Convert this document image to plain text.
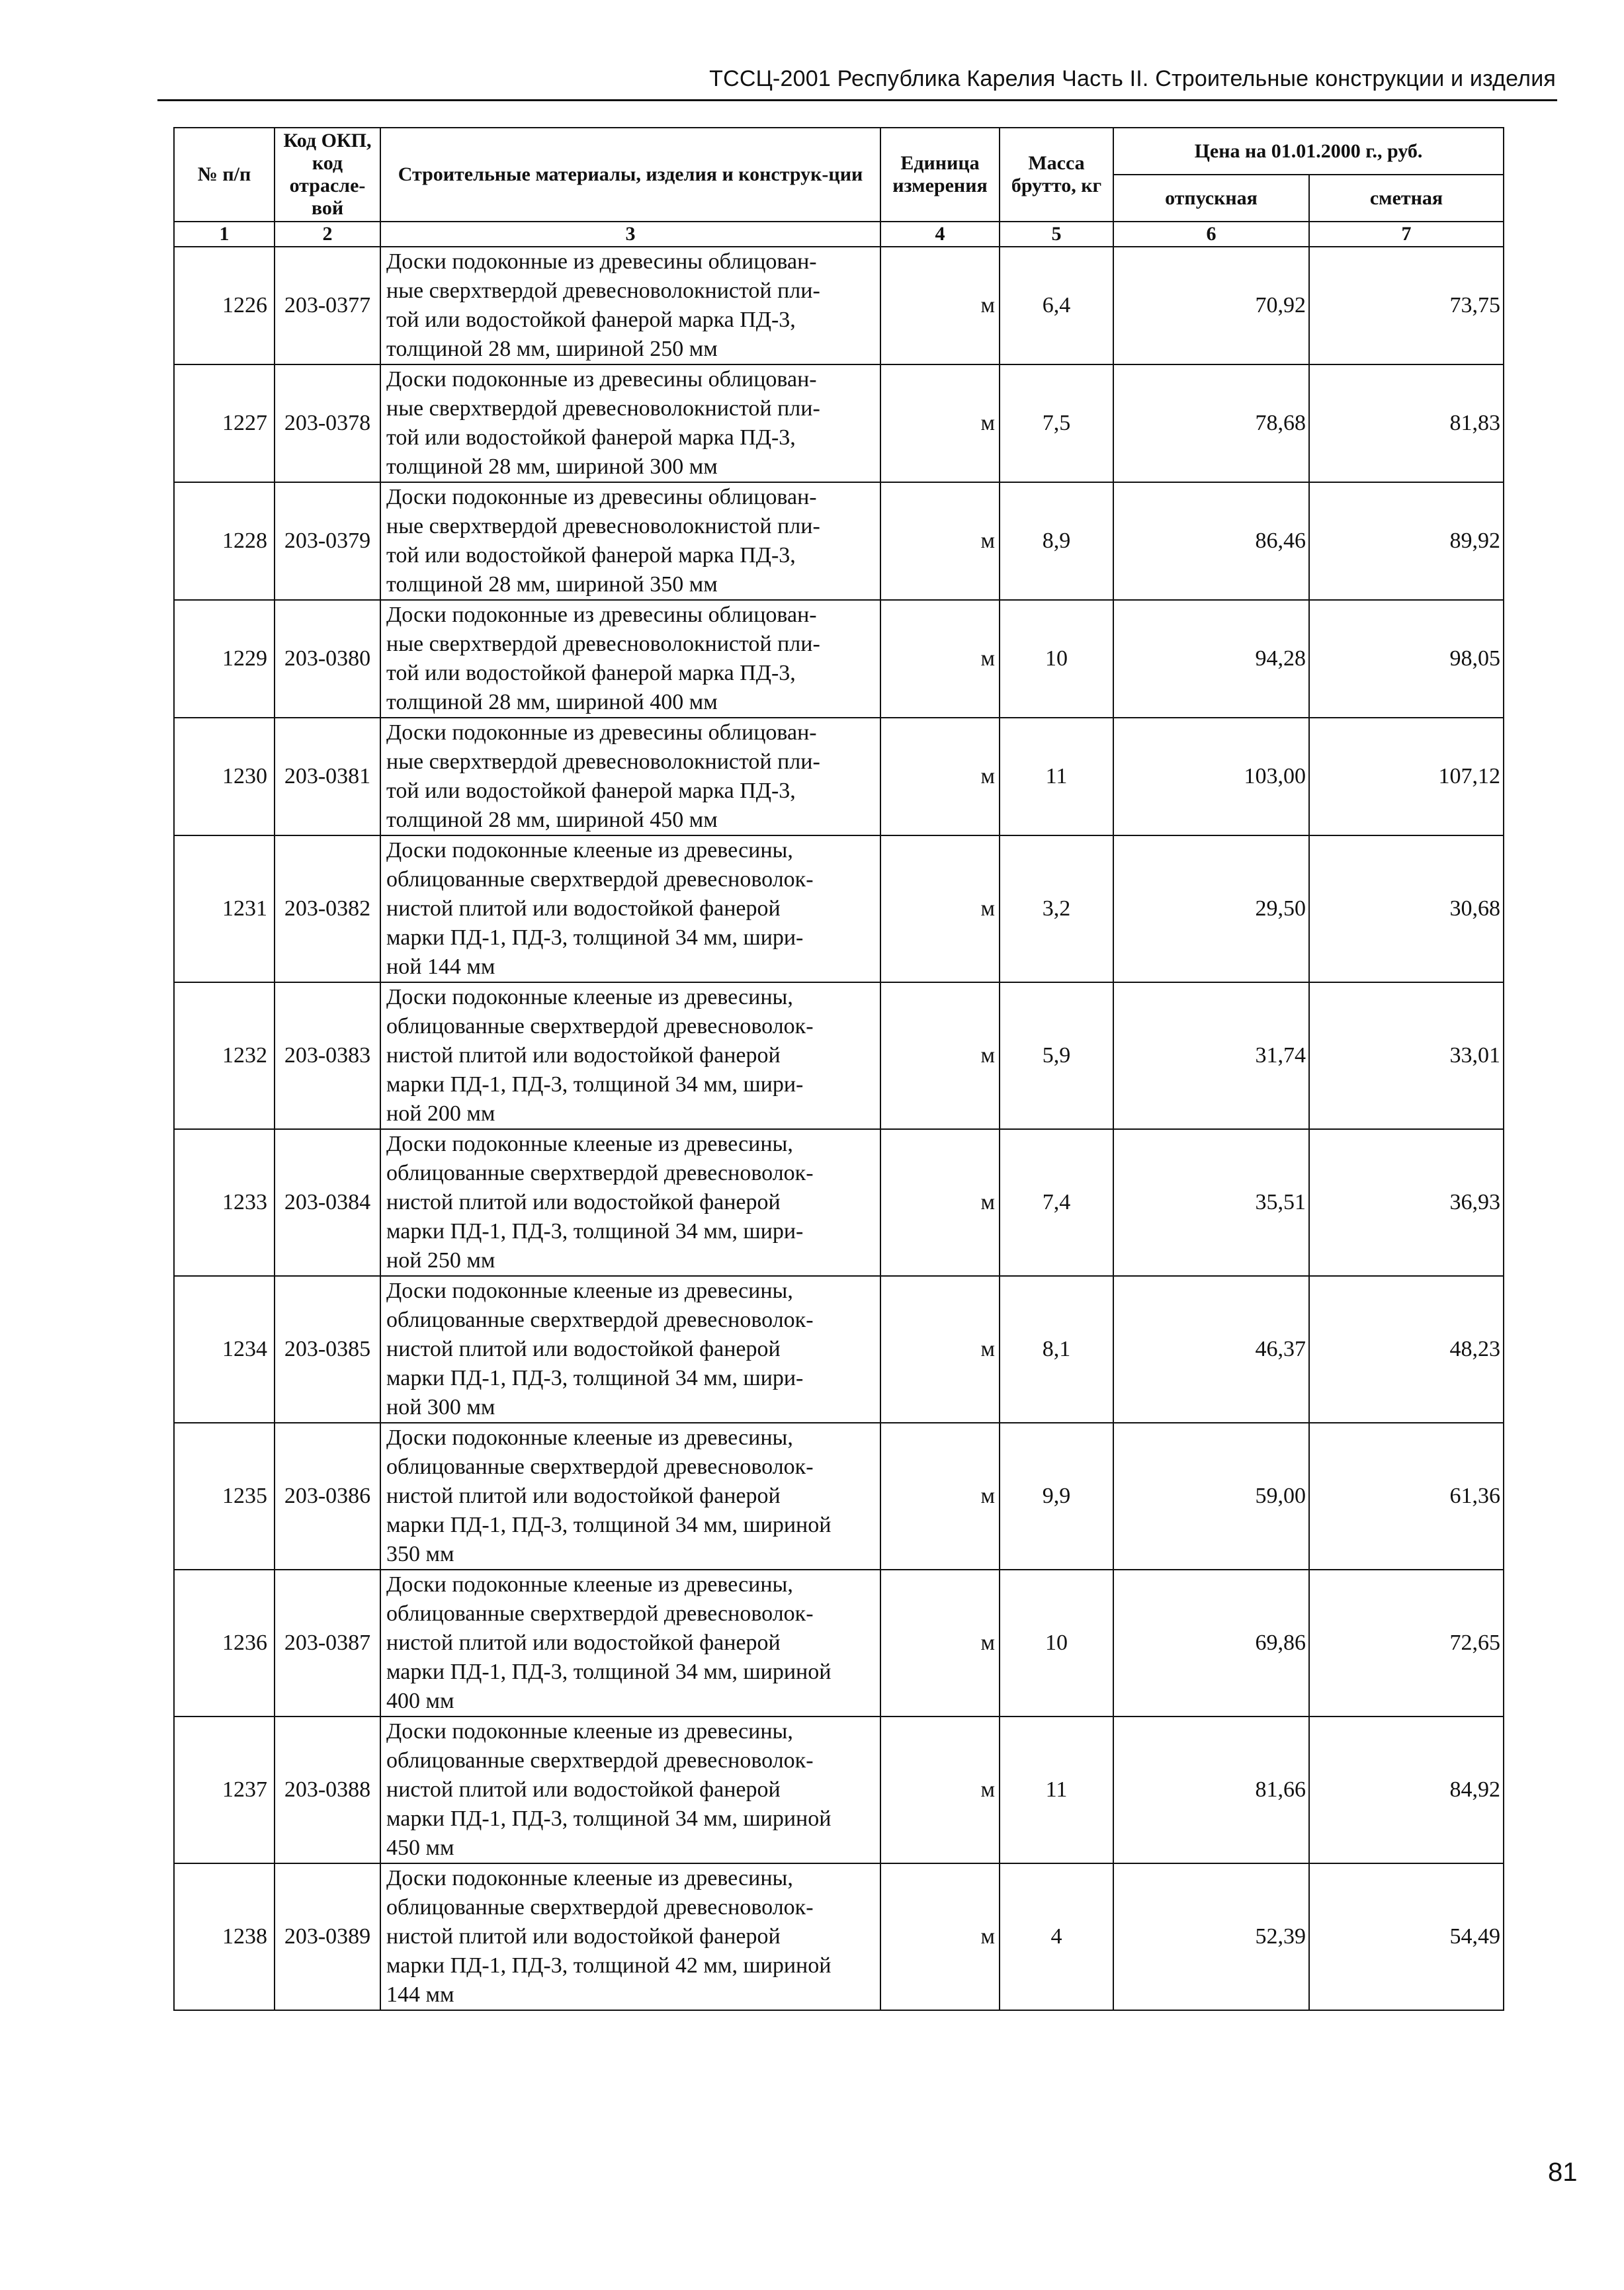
ТССЦ-2001 Республика Карелия Часть II. Строительные конструкции и изделия
№ п/п	Код ОКП, код отрасле-вой	Строительные материалы, изделия и конструк-ции	Единица измерения	Масса брутто, кг	Цена на 01.01.2000 г., руб.	
					отпускная	сметная
1	2	3	4	5	6	7
1226	203-0377	Доски подоконные из древесины облицован-
ные сверхтвердой древесноволокнистой пли-
той или водостойкой фанерой марка ПД-3,
толщиной 28 мм, шириной 250 мм	м	6,4	70,92	73,75
1227	203-0378	Доски подоконные из древесины облицован-
ные сверхтвердой древесноволокнистой пли-
той или водостойкой фанерой марка ПД-3,
толщиной 28 мм, шириной 300 мм	м	7,5	78,68	81,83
1228	203-0379	Доски подоконные из древесины облицован-
ные сверхтвердой древесноволокнистой пли-
той или водостойкой фанерой марка ПД-3,
толщиной 28 мм, шириной 350 мм	м	8,9	86,46	89,92
1229	203-0380	Доски подоконные из древесины облицован-
ные сверхтвердой древесноволокнистой пли-
той или водостойкой фанерой марка ПД-3,
толщиной 28 мм, шириной 400 мм	м	10	94,28	98,05
1230	203-0381	Доски подоконные из древесины облицован-
ные сверхтвердой древесноволокнистой пли-
той или водостойкой фанерой марка ПД-3,
толщиной 28 мм, шириной 450 мм	м	11	103,00	107,12
1231	203-0382	Доски подоконные клееные из древесины,
облицованные сверхтвердой древесноволок-
нистой плитой или водостойкой фанерой
марки ПД-1, ПД-3, толщиной 34 мм, шири-
ной 144 мм	м	3,2	29,50	30,68
1232	203-0383	Доски подоконные клееные из древесины,
облицованные сверхтвердой древесноволок-
нистой плитой или водостойкой фанерой
марки ПД-1, ПД-3, толщиной 34 мм, шири-
ной 200 мм	м	5,9	31,74	33,01
1233	203-0384	Доски подоконные клееные из древесины,
облицованные сверхтвердой древесноволок-
нистой плитой или водостойкой фанерой
марки ПД-1, ПД-3, толщиной 34 мм, шири-
ной 250 мм	м	7,4	35,51	36,93
1234	203-0385	Доски подоконные клееные из древесины,
облицованные сверхтвердой древесноволок-
нистой плитой или водостойкой фанерой
марки ПД-1, ПД-3, толщиной 34 мм, шири-
ной 300 мм	м	8,1	46,37	48,23
1235	203-0386	Доски подоконные клееные из древесины,
облицованные сверхтвердой древесноволок-
нистой плитой или водостойкой фанерой
марки ПД-1, ПД-3, толщиной 34 мм, шириной
350 мм	м	9,9	59,00	61,36
1236	203-0387	Доски подоконные клееные из древесины,
облицованные сверхтвердой древесноволок-
нистой плитой или водостойкой фанерой
марки ПД-1, ПД-3, толщиной 34 мм, шириной
400 мм	м	10	69,86	72,65
1237	203-0388	Доски подоконные клееные из древесины,
облицованные сверхтвердой древесноволок-
нистой плитой или водостойкой фанерой
марки ПД-1, ПД-3, толщиной 34 мм, шириной
450 мм	м	11	81,66	84,92
1238	203-0389	Доски подоконные клееные из древесины,
облицованные сверхтвердой древесноволок-
нистой плитой или водостойкой фанерой
марки ПД-1, ПД-3, толщиной 42 мм, шириной
144 мм	м	4	52,39	54,49
81
